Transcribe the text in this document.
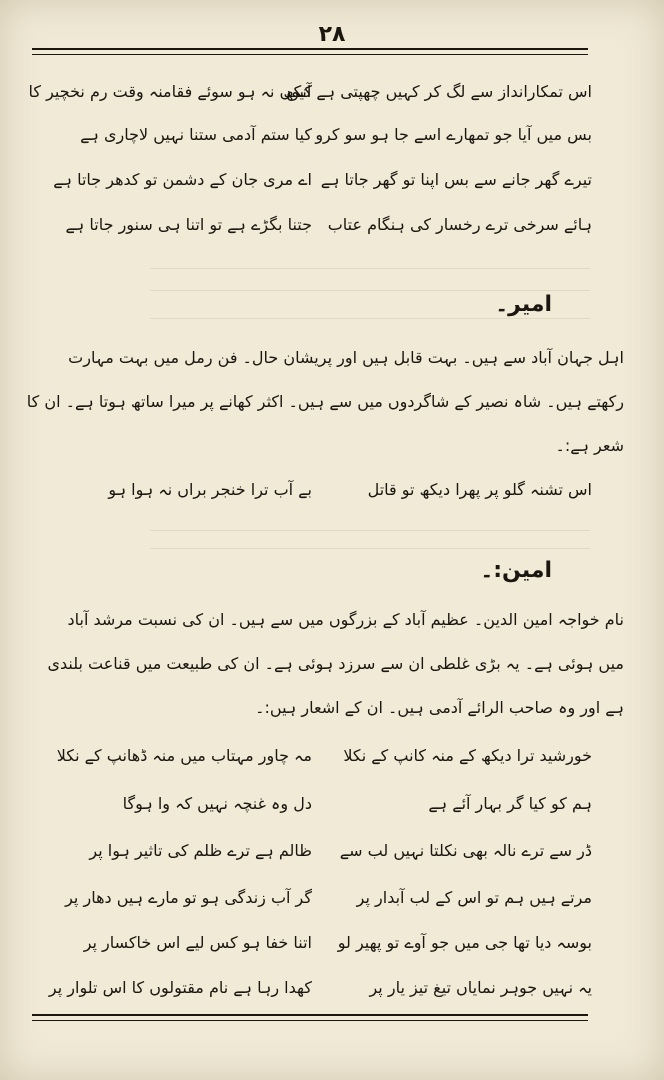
۲۸
اس تمکارانداز سے لگ کر کہیں چھپتی ہے آنکھ
کیوں نہ ہو سوئے فقامنہ وقت رم نخچیر کا
بس میں آیا جو تمھارے اسے جا ہو سو کرو
کیا ستم آدمی ستنا نہیں لاچاری ہے
تیرے گھر جانے سے بس اپنا تو گھر جاتا ہے
اے مری جان کے دشمن تو کدھر جاتا ہے
ہائے سرخی ترے رخسار کی ہنگام عتاب
جتنا بگڑے ہے تو اتنا ہی سنور جاتا ہے
امیر۔
اہل جہان آباد سے ہیں۔ بہت قابل ہیں اور پریشان حال۔ فن رمل میں بہت مہارت
رکھتے ہیں۔ شاہ نصیر کے شاگردوں میں سے ہیں۔ اکثر کھانے پر میرا ساتھ ہوتا ہے۔ ان کا
شعر ہے:۔
اس تشنہ گلو پر پھرا دیکھ تو قاتل
بے آب ترا خنجر براں نہ ہوا ہو
امین:۔
نام خواجہ امین الدین۔ عظیم آباد کے بزرگوں میں سے ہیں۔ ان کی نسبت مرشد آباد
میں ہوئی ہے۔ یہ بڑی غلطی ان سے سرزد ہوئی ہے۔ ان کی طبیعت میں قناعت بلندی
ہے اور وہ صاحب الرائے آدمی ہیں۔ ان کے اشعار ہیں:۔
خورشید ترا دیکھ کے منہ کانپ کے نکلا
مہ چاور مہتاب میں منہ ڈھانپ کے نکلا
ہم کو کیا گر بہار آئے ہے
دل وہ غنچہ نہیں کہ وا ہوگا
ڈر سے ترے نالہ بھی نکلتا نہیں لب سے
ظالم ہے ترے ظلم کی تاثیر ہوا پر
مرتے ہیں ہم تو اس کے لب آبدار پر
گر آب زندگی ہو تو مارے ہیں دھار پر
بوسہ دیا تھا جی میں جو آوے تو پھیر لو
اتنا خفا ہو کس لیے اس خاکسار پر
یہ نہیں جوہر نمایاں تیغ تیز یار پر
کھدا رہا ہے نام مقتولوں کا اس تلوار پر
